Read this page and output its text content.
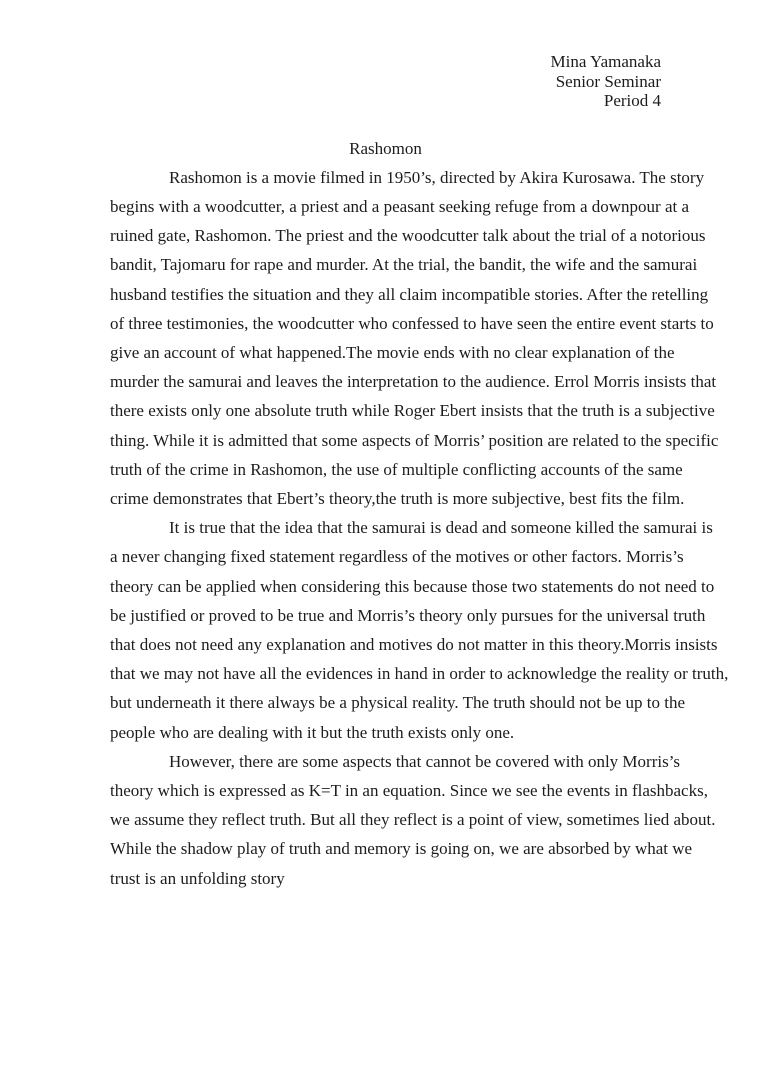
Mina Yamanaka
Senior Seminar
Period 4
Rashomon
Rashomon is a movie filmed in 1950’s, directed by Akira Kurosawa. The story
begins with a woodcutter, a priest and a peasant seeking refuge from a downpour at a
ruined gate, Rashomon. The priest and the woodcutter talk about the trial of a notorious
bandit, Tajomaru for rape and murder. At the trial, the bandit, the wife and the samurai
husband testifies the situation and they all claim incompatible stories. After the retelling
of three testimonies, the woodcutter who confessed to have seen the entire event starts to
give an account of what happened.The movie ends with no clear explanation of the
murder the samurai and leaves the interpretation to the audience. Errol Morris insists that
there exists only one absolute truth while Roger Ebert insists that the truth is a subjective
thing. While it is admitted that some aspects of Morris’ position are related to the specific
truth of the crime in Rashomon, the use of multiple conflicting accounts of the same
crime demonstrates that Ebert’s theory,the truth is more subjective, best fits the film.
It is true that the idea that the samurai is dead and someone killed the samurai is
a never changing fixed statement regardless of the motives or other factors. Morris’s
theory can be applied when considering this because those two statements do not need to
be justified or proved to be true and Morris’s theory only pursues for the universal truth
that does not need any explanation and motives do not matter in this theory.Morris insists
that we may not have all the evidences in hand in order to acknowledge the reality or truth,
but underneath it there always be a physical reality. The truth should not be up to the
people who are dealing with it but the truth exists only one.
However, there are some aspects that cannot be covered with only Morris’s
theory which is expressed as K=T in an equation. Since we see the events in flashbacks,
we assume they reflect truth. But all they reflect is a point of view, sometimes lied about.
While the shadow play of truth and memory is going on, we are absorbed by what we
trust is an unfolding story
